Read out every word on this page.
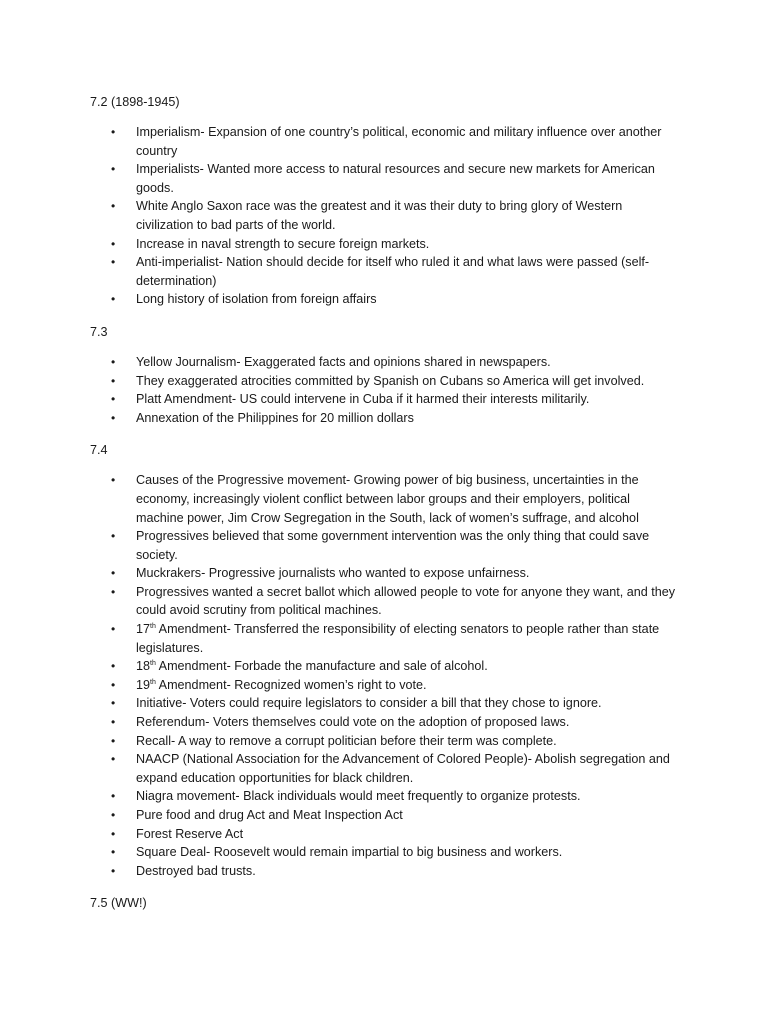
7.2 (1898-1945)

• Imperialism- Expansion of one country’s political, economic and military influence over another country
• Imperialists- Wanted more access to natural resources and secure new markets for American goods.
• White Anglo Saxon race was the greatest and it was their duty to bring glory of Western civilization to bad parts of the world.
• Increase in naval strength to secure foreign markets.
• Anti-imperialist- Nation should decide for itself who ruled it and what laws were passed (self-determination)
• Long history of isolation from foreign affairs

7.3

• Yellow Journalism- Exaggerated facts and opinions shared in newspapers.
• They exaggerated atrocities committed by Spanish on Cubans so America will get involved.
• Platt Amendment- US could intervene in Cuba if it harmed their interests militarily.
• Annexation of the Philippines for 20 million dollars

7.4

• Causes of the Progressive movement- Growing power of big business, uncertainties in the economy, increasingly violent conflict between labor groups and their employers, political machine power, Jim Crow Segregation in the South, lack of women’s suffrage, and alcohol
• Progressives believed that some government intervention was the only thing that could save society.
• Muckrakers- Progressive journalists who wanted to expose unfairness.
• Progressives wanted a secret ballot which allowed people to vote for anyone they want, and they could avoid scrutiny from political machines.
• 17th Amendment- Transferred the responsibility of electing senators to people rather than state legislatures.
• 18th Amendment- Forbade the manufacture and sale of alcohol.
• 19th Amendment- Recognized women’s right to vote.
• Initiative- Voters could require legislators to consider a bill that they chose to ignore.
• Referendum- Voters themselves could vote on the adoption of proposed laws.
• Recall- A way to remove a corrupt politician before their term was complete.
• NAACP (National Association for the Advancement of Colored People)- Abolish segregation and expand education opportunities for black children.
• Niagra movement- Black individuals would meet frequently to organize protests.
• Pure food and drug Act and Meat Inspection Act
• Forest Reserve Act
• Square Deal- Roosevelt would remain impartial to big business and workers.
• Destroyed bad trusts.

7.5 (WW!)
